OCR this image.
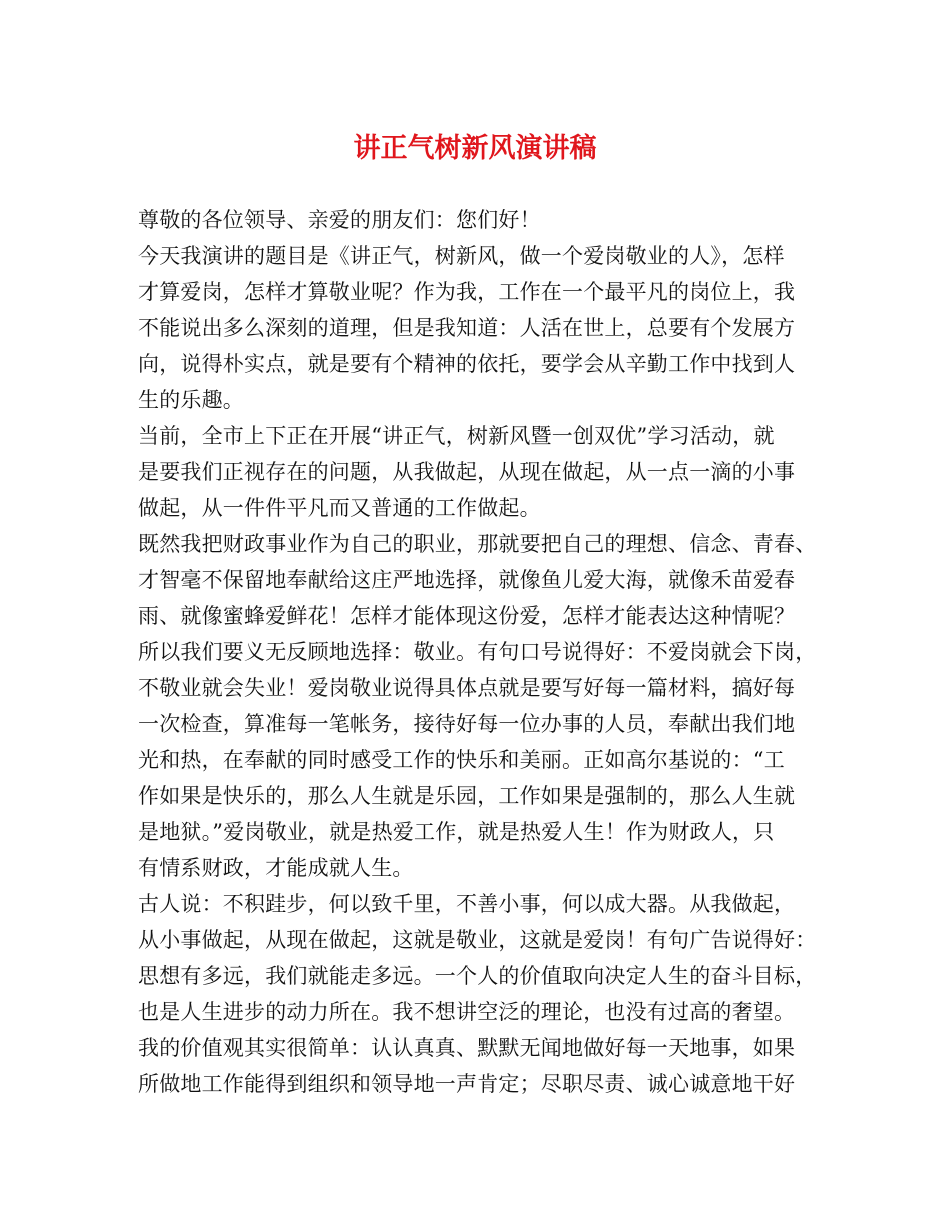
讲正气树新风演讲稿
尊敬的各位领导、亲爱的朋友们：您们好！
今天我演讲的题目是《讲正气，树新风，做一个爱岗敬业的人》，怎样
才算爱岗，怎样才算敬业呢？作为我，工作在一个最平凡的岗位上，我
不能说出多么深刻的道理，但是我知道：人活在世上，总要有个发展方
向，说得朴实点，就是要有个精神的依托，要学会从辛勤工作中找到人
生的乐趣。
当前，全市上下正在开展“讲正气，树新风暨一创双优”学习活动，就
是要我们正视存在的问题，从我做起，从现在做起，从一点一滴的小事
做起，从一件件平凡而又普通的工作做起。
既然我把财政事业作为自己的职业，那就要把自己的理想、信念、青春、
才智毫不保留地奉献给这庄严地选择，就像鱼儿爱大海，就像禾苗爱春
雨、就像蜜蜂爱鲜花！怎样才能体现这份爱，怎样才能表达这种情呢？
所以我们要义无反顾地选择：敬业。有句口号说得好：不爱岗就会下岗，
不敬业就会失业！爱岗敬业说得具体点就是要写好每一篇材料，搞好每
一次检查，算准每一笔帐务，接待好每一位办事的人员，奉献出我们地
光和热，在奉献的同时感受工作的快乐和美丽。正如高尔基说的：“工
作如果是快乐的，那么人生就是乐园，工作如果是强制的，那么人生就
是地狱。”爱岗敬业，就是热爱工作，就是热爱人生！作为财政人，只
有情系财政，才能成就人生。
古人说：不积跬步，何以致千里，不善小事，何以成大器。从我做起，
从小事做起，从现在做起，这就是敬业，这就是爱岗！有句广告说得好：
思想有多远，我们就能走多远。一个人的价值取向决定人生的奋斗目标，
也是人生进步的动力所在。我不想讲空泛的理论，也没有过高的奢望。
我的价值观其实很简单：认认真真、默默无闻地做好每一天地事，如果
所做地工作能得到组织和领导地一声肯定；尽职尽责、诚心诚意地干好
